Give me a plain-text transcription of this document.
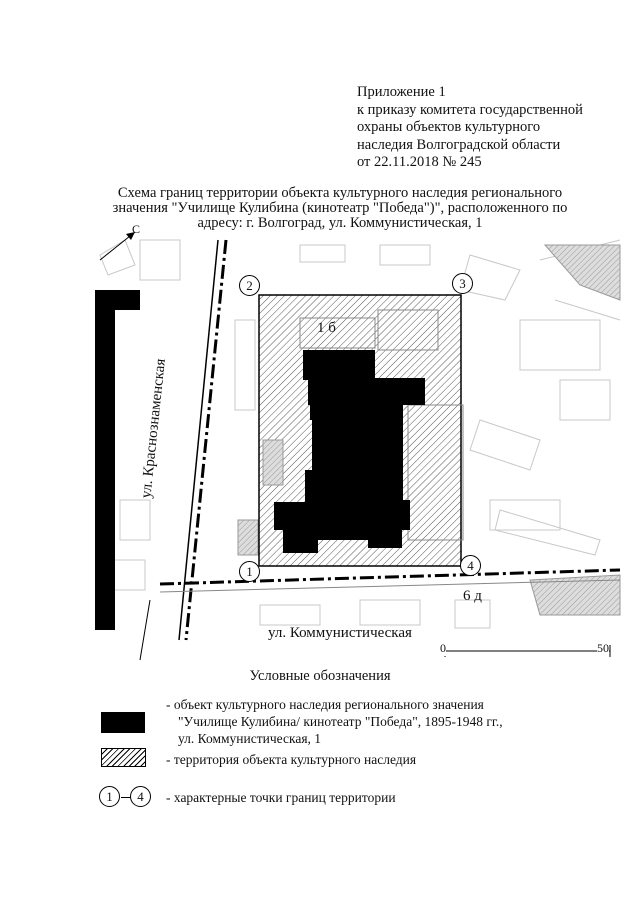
Приложение 1
к приказу комитета государственной
охраны объектов культурного
наследия Волгоградской области
от 22.11.2018 № 245
Схема границ территории объекта культурного наследия регионального
значения "Училище Кулибина (кинотеатр "Победа")", расположенного по
адресу: г. Волгоград, ул. Коммунистическая, 1
С
ул. Краснознаменская
ул. Коммунистическая
1 б
6 д
0	50
1
2	3
4
Условные обозначения
- объект культурного наследия регионального значения
"Училище Кулибина/ кинотеатр "Победа", 1895-1948 гг.,
ул. Коммунистическая, 1
- территория объекта культурного наследия
1	4	- характерные точки границ территории
